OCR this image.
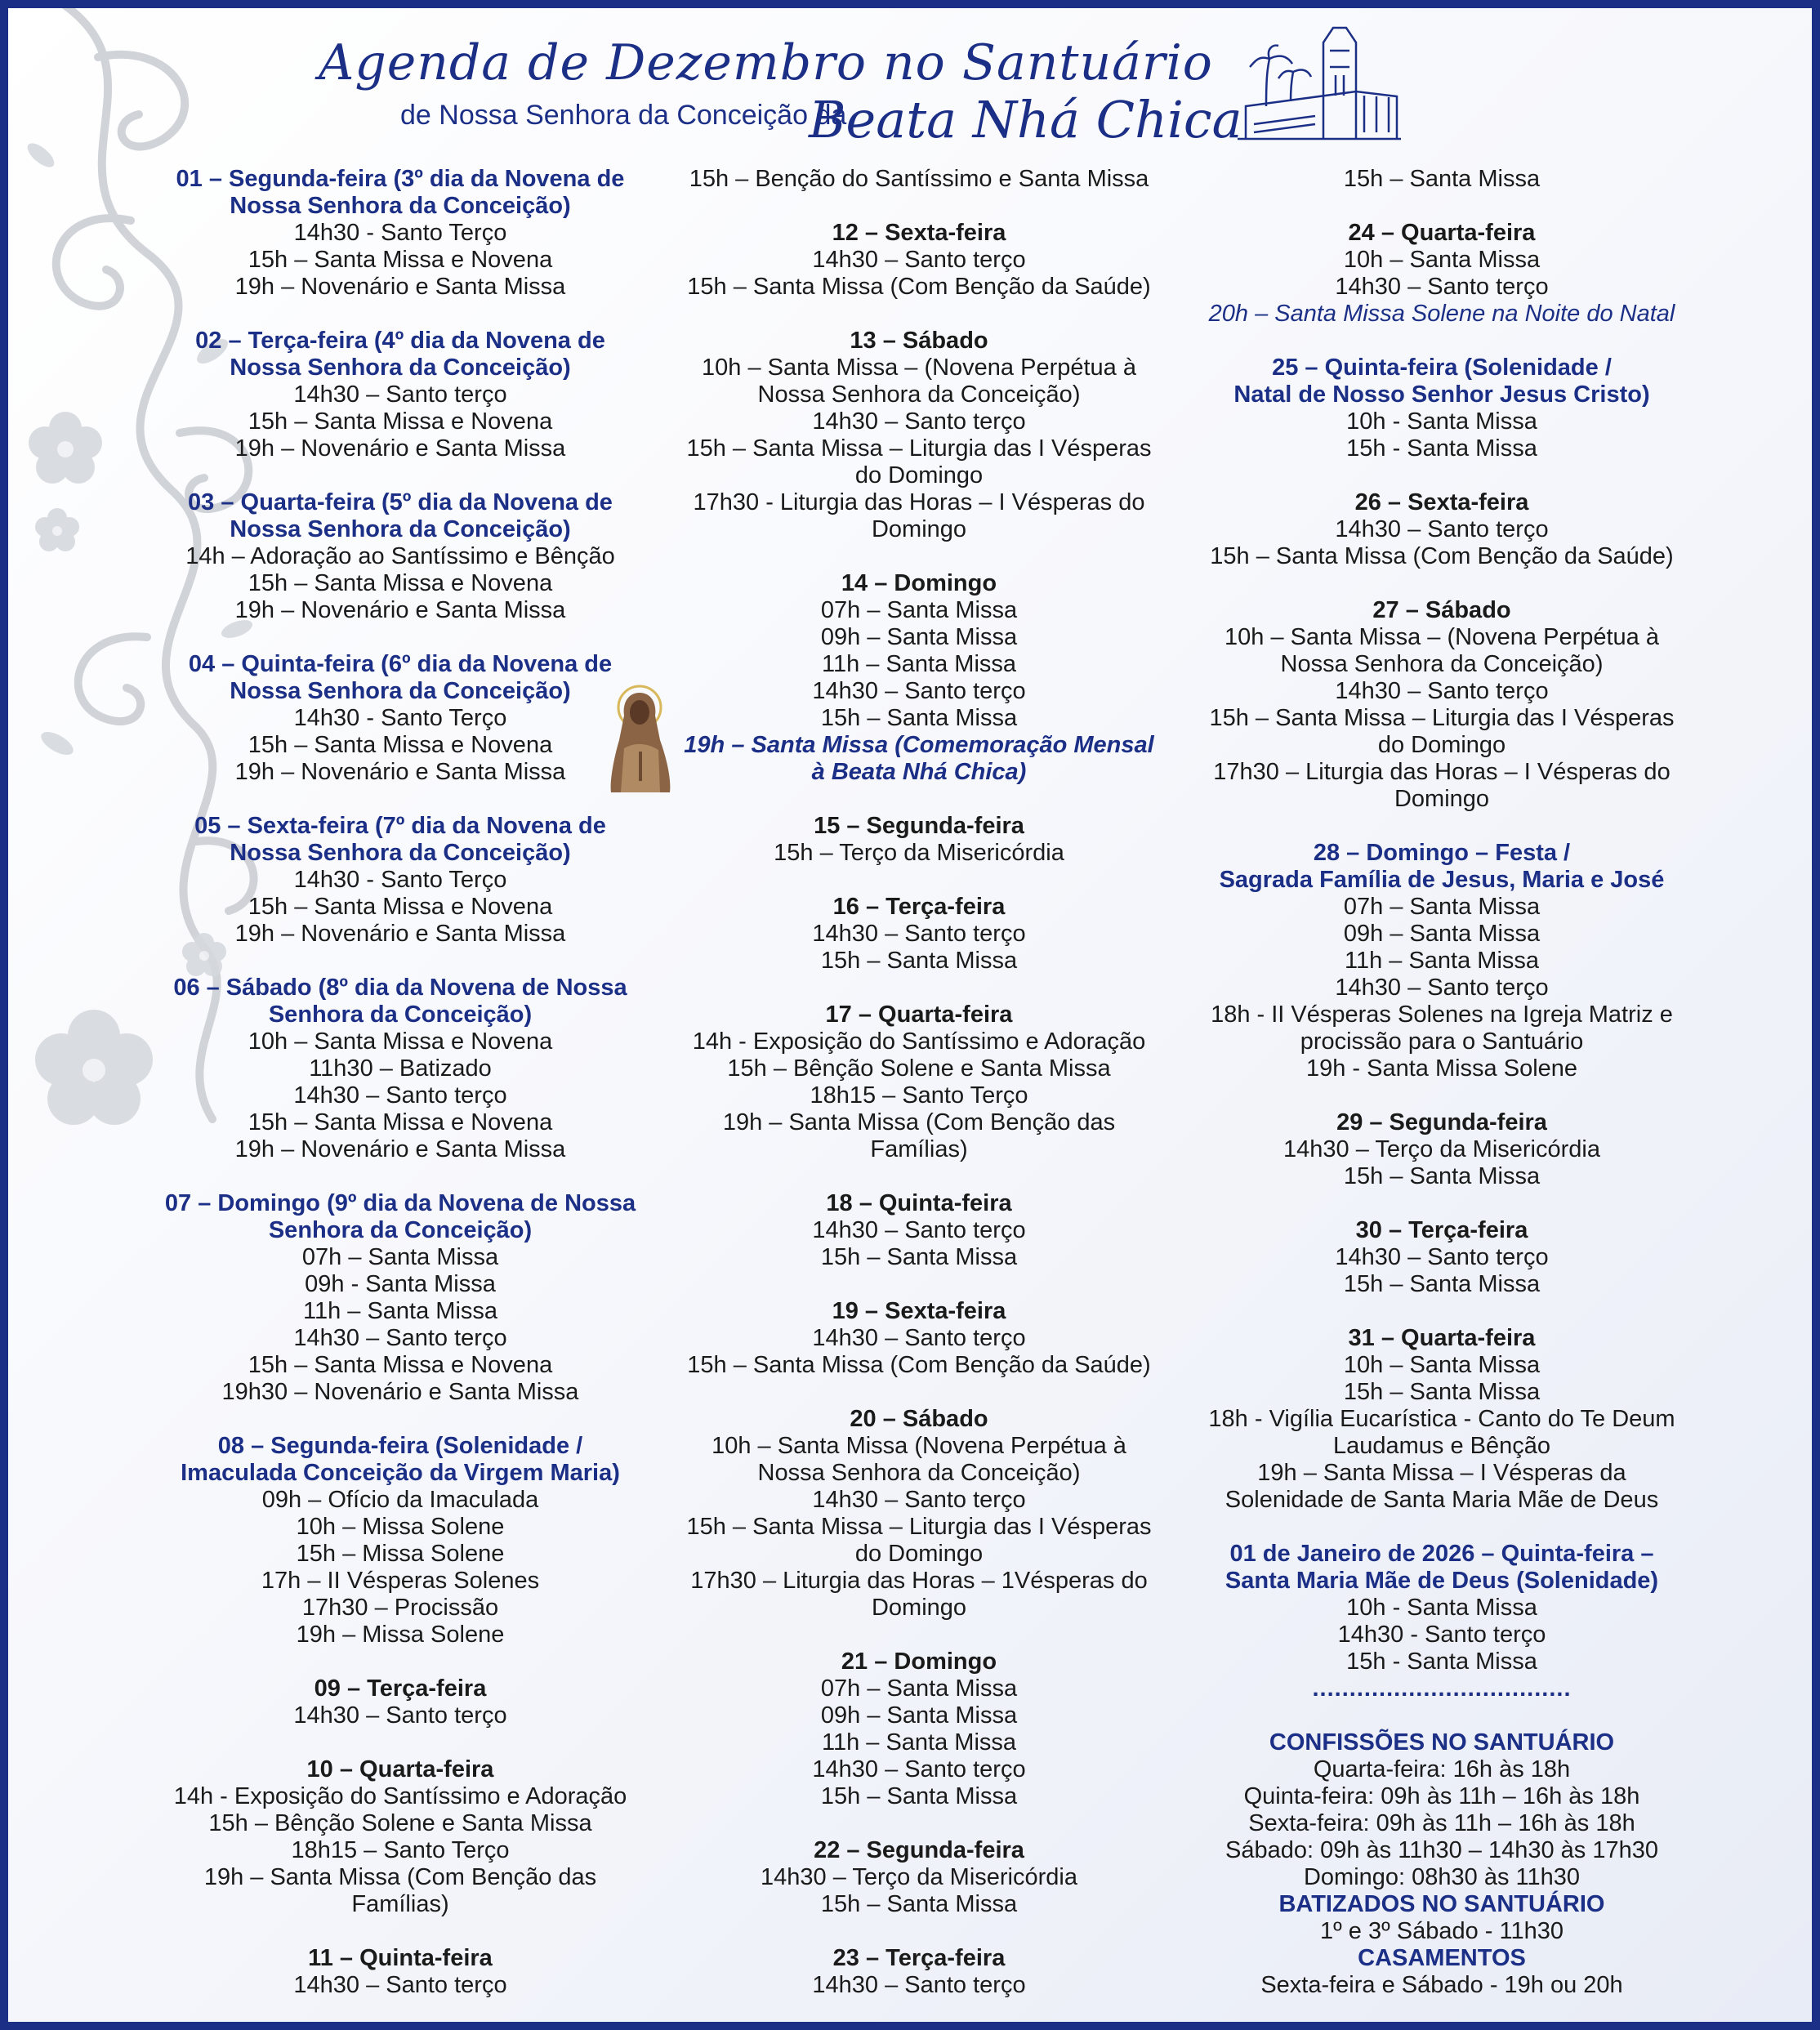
Agenda de Dezembro no Santuário
de Nossa Senhora da Conceição da
Beata Nhá Chica
01 – Segunda-feira (3º dia da Novena de
Nossa Senhora da Conceição)
14h30 - Santo Terço
15h – Santa Missa e Novena
19h – Novenário e Santa Missa
02 – Terça-feira (4º dia da Novena de
Nossa Senhora da Conceição)
14h30 – Santo terço
15h – Santa Missa e Novena
19h – Novenário e Santa Missa
03 – Quarta-feira (5º dia da Novena de
Nossa Senhora da Conceição)
14h – Adoração ao Santíssimo e Bênção
15h – Santa Missa e Novena
19h – Novenário e Santa Missa
04 – Quinta-feira (6º dia da Novena de
Nossa Senhora da Conceição)
14h30 - Santo Terço
15h – Santa Missa e Novena
19h – Novenário e Santa Missa
05 – Sexta-feira (7º dia da Novena de
Nossa Senhora da Conceição)
14h30 - Santo Terço
15h – Santa Missa e Novena
19h – Novenário e Santa Missa
06 – Sábado (8º dia da Novena de Nossa
Senhora da Conceição)
10h – Santa Missa e Novena
11h30 – Batizado
14h30 – Santo terço
15h – Santa Missa e Novena
19h – Novenário e Santa Missa
07 – Domingo (9º dia da Novena de Nossa
Senhora da Conceição)
07h – Santa Missa
09h - Santa Missa
11h – Santa Missa
14h30 – Santo terço
15h – Santa Missa e Novena
19h30 – Novenário e Santa Missa
08 – Segunda-feira (Solenidade /
Imaculada Conceição da Virgem Maria)
09h – Ofício da Imaculada
10h – Missa Solene
15h – Missa Solene
17h – II Vésperas Solenes
17h30 – Procissão
19h – Missa Solene
09 – Terça-feira
14h30 – Santo terço
10 – Quarta-feira
14h - Exposição do Santíssimo e Adoração
15h – Bênção Solene e Santa Missa
18h15 – Santo Terço
19h – Santa Missa (Com Benção das
Famílias)
11 – Quinta-feira
14h30 – Santo terço
15h – Benção do Santíssimo e Santa Missa
12 – Sexta-feira
14h30 – Santo terço
15h – Santa Missa (Com Benção da Saúde)
13 – Sábado
10h – Santa Missa – (Novena Perpétua à
Nossa Senhora da Conceição)
14h30 – Santo terço
15h – Santa Missa – Liturgia das I Vésperas
do Domingo
17h30 - Liturgia das Horas – I Vésperas do
Domingo
14 – Domingo
07h – Santa Missa
09h – Santa Missa
11h – Santa Missa
14h30 – Santo terço
15h – Santa Missa
19h – Santa Missa (Comemoração Mensal
à Beata Nhá Chica)
15 – Segunda-feira
15h – Terço da Misericórdia
16 – Terça-feira
14h30 – Santo terço
15h – Santa Missa
17 – Quarta-feira
14h - Exposição do Santíssimo e Adoração
15h – Bênção Solene e Santa Missa
18h15 – Santo Terço
19h – Santa Missa (Com Benção das
Famílias)
18 – Quinta-feira
14h30 – Santo terço
15h – Santa Missa
19 – Sexta-feira
14h30 – Santo terço
15h – Santa Missa (Com Benção da Saúde)
20 – Sábado
10h – Santa Missa (Novena Perpétua à
Nossa Senhora da Conceição)
14h30 – Santo terço
15h – Santa Missa – Liturgia das I Vésperas
do Domingo
17h30 – Liturgia das Horas – 1Vésperas do
Domingo
21 – Domingo
07h – Santa Missa
09h – Santa Missa
11h – Santa Missa
14h30 – Santo terço
15h – Santa Missa
22 – Segunda-feira
14h30 – Terço da Misericórdia
15h – Santa Missa
23 – Terça-feira
14h30 – Santo terço
15h – Santa Missa
24 – Quarta-feira
10h – Santa Missa
14h30 – Santo terço
20h – Santa Missa Solene na Noite do Natal
25 – Quinta-feira (Solenidade /
Natal de Nosso Senhor Jesus Cristo)
10h - Santa Missa
15h - Santa Missa
26 – Sexta-feira
14h30 – Santo terço
15h – Santa Missa (Com Benção da Saúde)
27 – Sábado
10h – Santa Missa – (Novena Perpétua à
Nossa Senhora da Conceição)
14h30 – Santo terço
15h – Santa Missa – Liturgia das I Vésperas
do Domingo
17h30 – Liturgia das Horas – I Vésperas do
Domingo
28 – Domingo – Festa /
Sagrada Família de Jesus, Maria e José
07h – Santa Missa
09h – Santa Missa
11h – Santa Missa
14h30 – Santo terço
18h - II Vésperas Solenes na Igreja Matriz e
procissão para o Santuário
19h - Santa Missa Solene
29 – Segunda-feira
14h30 – Terço da Misericórdia
15h – Santa Missa
30 – Terça-feira
14h30 – Santo terço
15h – Santa Missa
31 – Quarta-feira
10h – Santa Missa
15h – Santa Missa
18h - Vigília Eucarística - Canto do Te Deum
Laudamus e Bênção
19h – Santa Missa – I Vésperas da
Solenidade de Santa Maria Mãe de Deus
01 de Janeiro de 2026 – Quinta-feira –
Santa Maria Mãe de Deus (Solenidade)
10h - Santa Missa
14h30 - Santo terço
15h - Santa Missa
...................................
CONFISSÕES NO SANTUÁRIO
Quarta-feira: 16h às 18h
Quinta-feira: 09h às 11h – 16h às 18h
Sexta-feira: 09h às 11h – 16h às 18h
Sábado: 09h às 11h30 – 14h30 às 17h30
Domingo: 08h30 às 11h30
BATIZADOS NO SANTUÁRIO
1º e 3º Sábado - 11h30
CASAMENTOS
Sexta-feira e Sábado - 19h ou 20h
